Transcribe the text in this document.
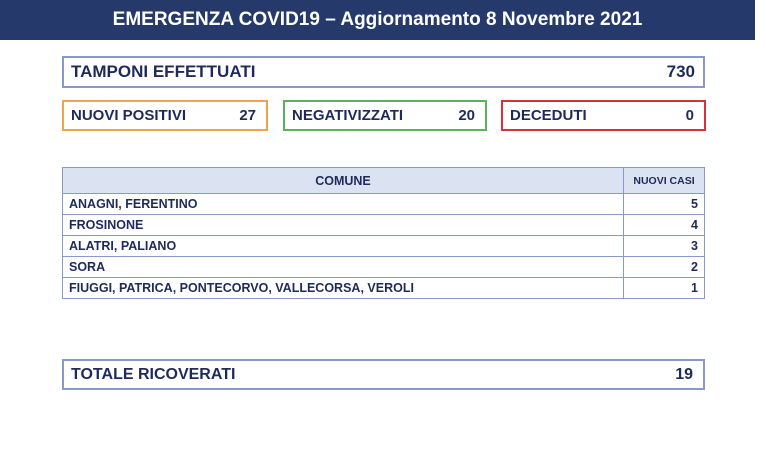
EMERGENZA COVID19 – Aggiornamento 8 Novembre 2021
TAMPONI EFFETTUATI	730
NUOVI POSITIVI	27 NEGATIVIZZATI	20 DECEDUTI	0
COMUNE	NUOVI CASI
ANAGNI, FERENTINO	5
FROSINONE	4
ALATRI, PALIANO	3
SORA	2
FIUGGI, PATRICA, PONTECORVO, VALLECORSA, VEROLI	1
TOTALE RICOVERATI	19
